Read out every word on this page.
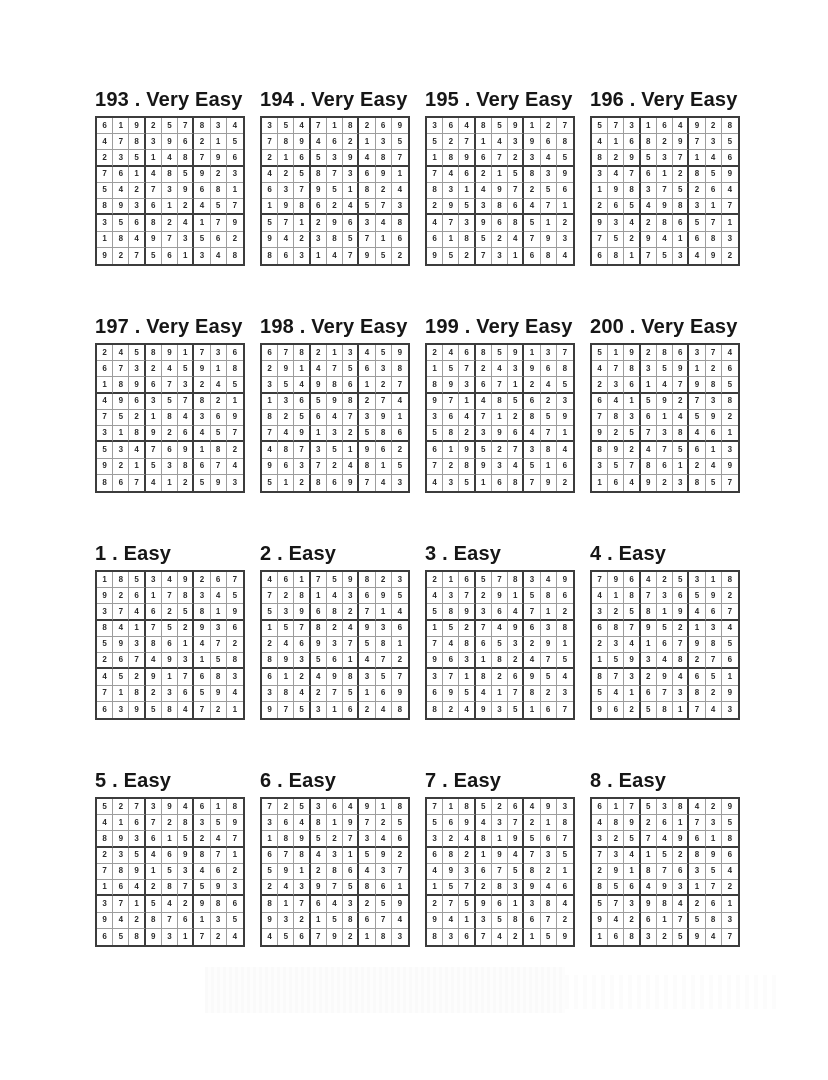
193 . Very Easy
6	1	9	2	5	7	8	3	4
4	7	8	3	9	6	2	1	5
2	3	5	1	4	8	7	9	6
7	6	1	4	8	5	9	2	3
5	4	2	7	3	9	6	8	1
8	9	3	6	1	2	4	5	7
3	5	6	8	2	4	1	7	9
1	8	4	9	7	3	5	6	2
9	2	7	5	6	1	3	4	8
194 . Very Easy
3	5	4	7	1	8	2	6	9
7	8	9	4	6	2	1	3	5
2	1	6	5	3	9	4	8	7
4	2	5	8	7	3	6	9	1
6	3	7	9	5	1	8	2	4
1	9	8	6	2	4	5	7	3
5	7	1	2	9	6	3	4	8
9	4	2	3	8	5	7	1	6
8	6	3	1	4	7	9	5	2
195 . Very Easy
3	6	4	8	5	9	1	2	7
5	2	7	1	4	3	9	6	8
1	8	9	6	7	2	3	4	5
7	4	6	2	1	5	8	3	9
8	3	1	4	9	7	2	5	6
2	9	5	3	8	6	4	7	1
4	7	3	9	6	8	5	1	2
6	1	8	5	2	4	7	9	3
9	5	2	7	3	1	6	8	4
196 . Very Easy
5	7	3	1	6	4	9	2	8
4	1	6	8	2	9	7	3	5
8	2	9	5	3	7	1	4	6
3	4	7	6	1	2	8	5	9
1	9	8	3	7	5	2	6	4
2	6	5	4	9	8	3	1	7
9	3	4	2	8	6	5	7	1
7	5	2	9	4	1	6	8	3
6	8	1	7	5	3	4	9	2
197 . Very Easy
2	4	5	8	9	1	7	3	6
6	7	3	2	4	5	9	1	8
1	8	9	6	7	3	2	4	5
4	9	6	3	5	7	8	2	1
7	5	2	1	8	4	3	6	9
3	1	8	9	2	6	4	5	7
5	3	4	7	6	9	1	8	2
9	2	1	5	3	8	6	7	4
8	6	7	4	1	2	5	9	3
198 . Very Easy
6	7	8	2	1	3	4	5	9
2	9	1	4	7	5	6	3	8
3	5	4	9	8	6	1	2	7
1	3	6	5	9	8	2	7	4
8	2	5	6	4	7	3	9	1
7	4	9	1	3	2	5	8	6
4	8	7	3	5	1	9	6	2
9	6	3	7	2	4	8	1	5
5	1	2	8	6	9	7	4	3
199 . Very Easy
2	4	6	8	5	9	1	3	7
1	5	7	2	4	3	9	6	8
8	9	3	6	7	1	2	4	5
9	7	1	4	8	5	6	2	3
3	6	4	7	1	2	8	5	9
5	8	2	3	9	6	4	7	1
6	1	9	5	2	7	3	8	4
7	2	8	9	3	4	5	1	6
4	3	5	1	6	8	7	9	2
200 . Very Easy
5	1	9	2	8	6	3	7	4
4	7	8	3	5	9	1	2	6
2	3	6	1	4	7	9	8	5
6	4	1	5	9	2	7	3	8
7	8	3	6	1	4	5	9	2
9	2	5	7	3	8	4	6	1
8	9	2	4	7	5	6	1	3
3	5	7	8	6	1	2	4	9
1	6	4	9	2	3	8	5	7
1 . Easy
1	8	5	3	4	9	2	6	7
9	2	6	1	7	8	3	4	5
3	7	4	6	2	5	8	1	9
8	4	1	7	5	2	9	3	6
5	9	3	8	6	1	4	7	2
2	6	7	4	9	3	1	5	8
4	5	2	9	1	7	6	8	3
7	1	8	2	3	6	5	9	4
6	3	9	5	8	4	7	2	1
2 . Easy
4	6	1	7	5	9	8	2	3
7	2	8	1	4	3	6	9	5
5	3	9	6	8	2	7	1	4
1	5	7	8	2	4	9	3	6
2	4	6	9	3	7	5	8	1
8	9	3	5	6	1	4	7	2
6	1	2	4	9	8	3	5	7
3	8	4	2	7	5	1	6	9
9	7	5	3	1	6	2	4	8
3 . Easy
2	1	6	5	7	8	3	4	9
4	3	7	2	9	1	5	8	6
5	8	9	3	6	4	7	1	2
1	5	2	7	4	9	6	3	8
7	4	8	6	5	3	2	9	1
9	6	3	1	8	2	4	7	5
3	7	1	8	2	6	9	5	4
6	9	5	4	1	7	8	2	3
8	2	4	9	3	5	1	6	7
4 . Easy
7	9	6	4	2	5	3	1	8
4	1	8	7	3	6	5	9	2
3	2	5	8	1	9	4	6	7
6	8	7	9	5	2	1	3	4
2	3	4	1	6	7	9	8	5
1	5	9	3	4	8	2	7	6
8	7	3	2	9	4	6	5	1
5	4	1	6	7	3	8	2	9
9	6	2	5	8	1	7	4	3
5 . Easy
5	2	7	3	9	4	6	1	8
4	1	6	7	2	8	3	5	9
8	9	3	6	1	5	2	4	7
2	3	5	4	6	9	8	7	1
7	8	9	1	5	3	4	6	2
1	6	4	2	8	7	5	9	3
3	7	1	5	4	2	9	8	6
9	4	2	8	7	6	1	3	5
6	5	8	9	3	1	7	2	4
6 . Easy
7	2	5	3	6	4	9	1	8
3	6	4	8	1	9	7	2	5
1	8	9	5	2	7	3	4	6
6	7	8	4	3	1	5	9	2
5	9	1	2	8	6	4	3	7
2	4	3	9	7	5	8	6	1
8	1	7	6	4	3	2	5	9
9	3	2	1	5	8	6	7	4
4	5	6	7	9	2	1	8	3
7 . Easy
7	1	8	5	2	6	4	9	3
5	6	9	4	3	7	2	1	8
3	2	4	8	1	9	5	6	7
6	8	2	1	9	4	7	3	5
4	9	3	6	7	5	8	2	1
1	5	7	2	8	3	9	4	6
2	7	5	9	6	1	3	8	4
9	4	1	3	5	8	6	7	2
8	3	6	7	4	2	1	5	9
8 . Easy
6	1	7	5	3	8	4	2	9
4	8	9	2	6	1	7	3	5
3	2	5	7	4	9	6	1	8
7	3	4	1	5	2	8	9	6
2	9	1	8	7	6	3	5	4
8	5	6	4	9	3	1	7	2
5	7	3	9	8	4	2	6	1
9	4	2	6	1	7	5	8	3
1	6	8	3	2	5	9	4	7
